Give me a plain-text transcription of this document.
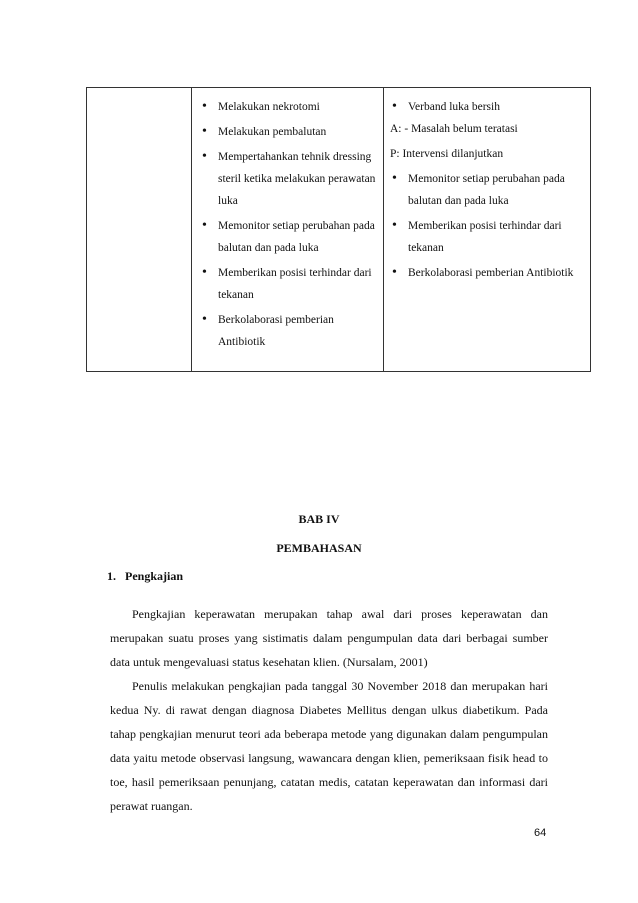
• Melakukan nekrotomi
• Melakukan pembalutan
• Mempertahankan tehnik dressing steril ketika melakukan perawatan luka
• Memonitor setiap perubahan pada balutan dan pada luka
• Memberikan posisi terhindar dari tekanan
• Berkolaborasi pemberian Antibiotik
• Verband luka bersih
A: - Masalah belum teratasi
P: Intervensi dilanjutkan
• Memonitor setiap perubahan pada balutan dan pada luka
• Memberikan posisi terhindar dari tekanan
• Berkolaborasi pemberian Antibiotik
BAB IV
PEMBAHASAN
1.   Pengkajian

Pengkajian keperawatan merupakan tahap awal dari proses keperawatan dan merupakan suatu proses yang sistimatis dalam pengumpulan data dari berbagai sumber data untuk mengevaluasi status kesehatan klien. (Nursalam, 2001)

Penulis melakukan pengkajian pada tanggal 30 November 2018 dan merupakan hari kedua Ny. di rawat dengan diagnosa Diabetes Mellitus dengan ulkus diabetikum. Pada tahap pengkajian menurut teori ada beberapa metode yang digunakan dalam pengumpulan data yaitu metode observasi langsung, wawancara dengan klien, pemeriksaan fisik head to toe, hasil pemeriksaan penunjang, catatan medis, catatan keperawatan dan informasi dari perawat ruangan.

64
